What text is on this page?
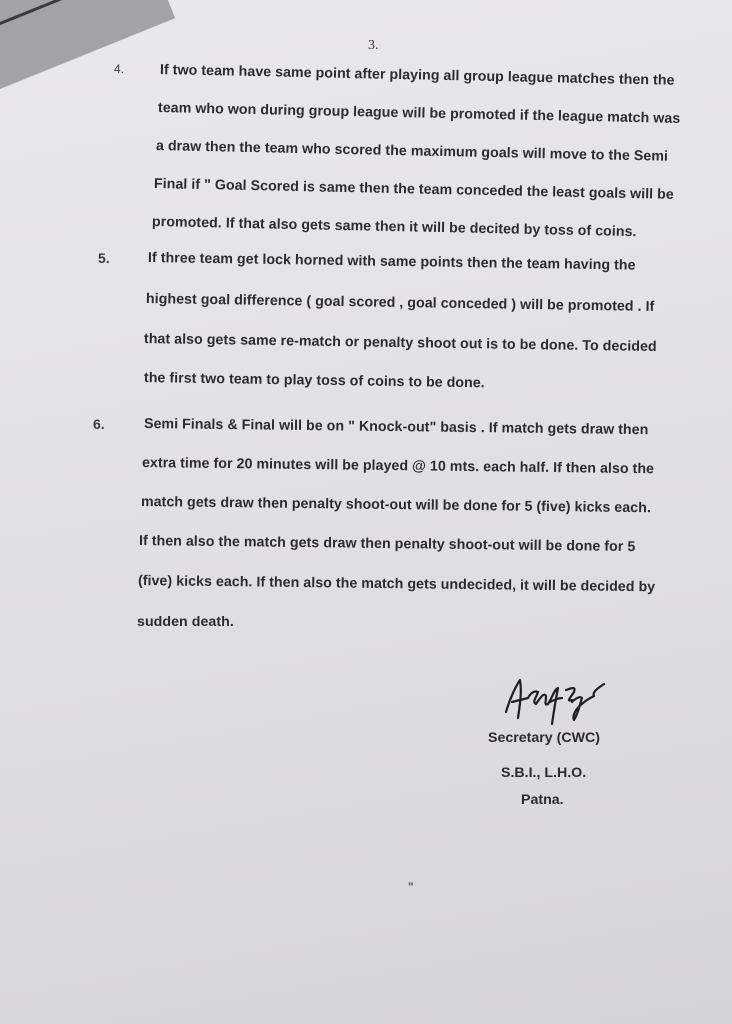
3.
4.	If two team have same point after playing all group league matches then the
team who won during group league will be promoted if the league match was
a draw then the team who scored the maximum goals will move to the Semi
Final if " Goal Scored is same then the team conceded the least goals will be
promoted. If that also gets same then it will be decited by toss of coins.
5.	If three team get lock horned with same points then the team having the
highest goal difference ( goal scored , goal conceded ) will be promoted . If
that also gets same re-match or penalty shoot out is to be done. To decided
the first two team to play toss of coins to be done.
6.	Semi Finals & Final will be on " Knock-out" basis . If match gets draw then
extra time for 20 minutes will be played @ 10 mts. each half. If then also the
match gets draw then penalty shoot-out will be done for 5 (five) kicks each.
If then also the match gets draw then penalty shoot-out will be done for 5
(five) kicks each. If then also the match gets undecided, it will be decided by
sudden death.
Secretary (CWC)
S.B.I., L.H.O.
Patna.
"
